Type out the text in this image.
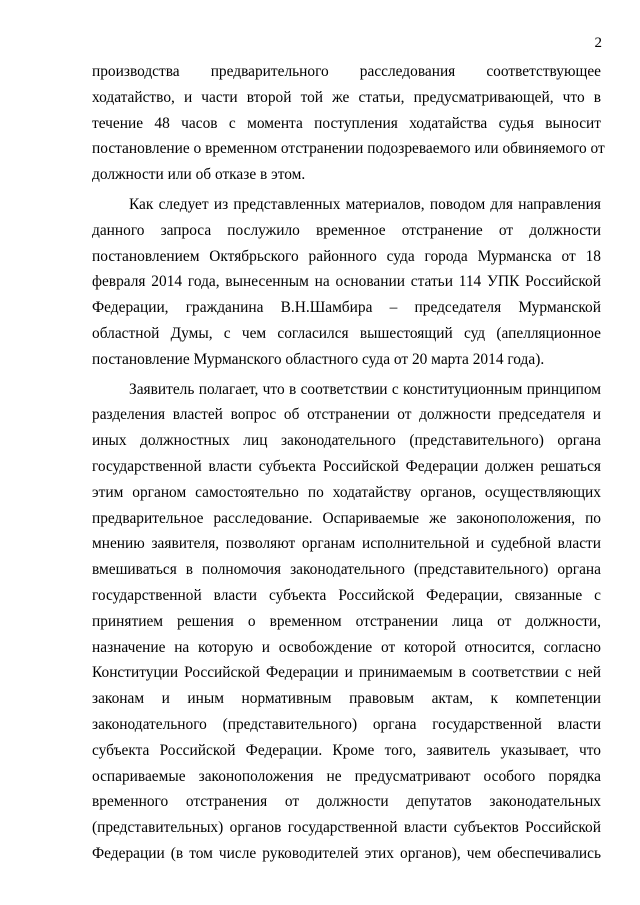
2
производства предварительного расследования соответствующее
ходатайство, и части второй той же статьи, предусматривающей, что в
течение 48 часов с момента поступления ходатайства судья выносит
постановление о временном отстранении подозреваемого или обвиняемого от
должности или об отказе в этом.
Как следует из представленных материалов, поводом для направления
данного запроса послужило временное отстранение от должности
постановлением Октябрьского районного суда города Мурманска от 18
февраля 2014 года, вынесенным на основании статьи 114 УПК Российской
Федерации, гражданина В.Н.Шамбира – председателя Мурманской
областной Думы, с чем согласился вышестоящий суд (апелляционное
постановление Мурманского областного суда от 20 марта 2014 года).
Заявитель полагает, что в соответствии с конституционным принципом
разделения властей вопрос об отстранении от должности председателя и
иных должностных лиц законодательного (представительного) органа
государственной власти субъекта Российской Федерации должен решаться
этим органом самостоятельно по ходатайству органов, осуществляющих
предварительное расследование. Оспариваемые же законоположения, по
мнению заявителя, позволяют органам исполнительной и судебной власти
вмешиваться в полномочия законодательного (представительного) органа
государственной власти субъекта Российской Федерации, связанные с
принятием решения о временном отстранении лица от должности,
назначение на которую и освобождение от которой относится, согласно
Конституции Российской Федерации и принимаемым в соответствии с ней
законам и иным нормативным правовым актам, к компетенции
законодательного (представительного) органа государственной власти
субъекта Российской Федерации. Кроме того, заявитель указывает, что
оспариваемые законоположения не предусматривают особого порядка
временного отстранения от должности депутатов законодательных
(представительных) органов государственной власти субъектов Российской
Федерации (в том числе руководителей этих органов), чем обеспечивались
